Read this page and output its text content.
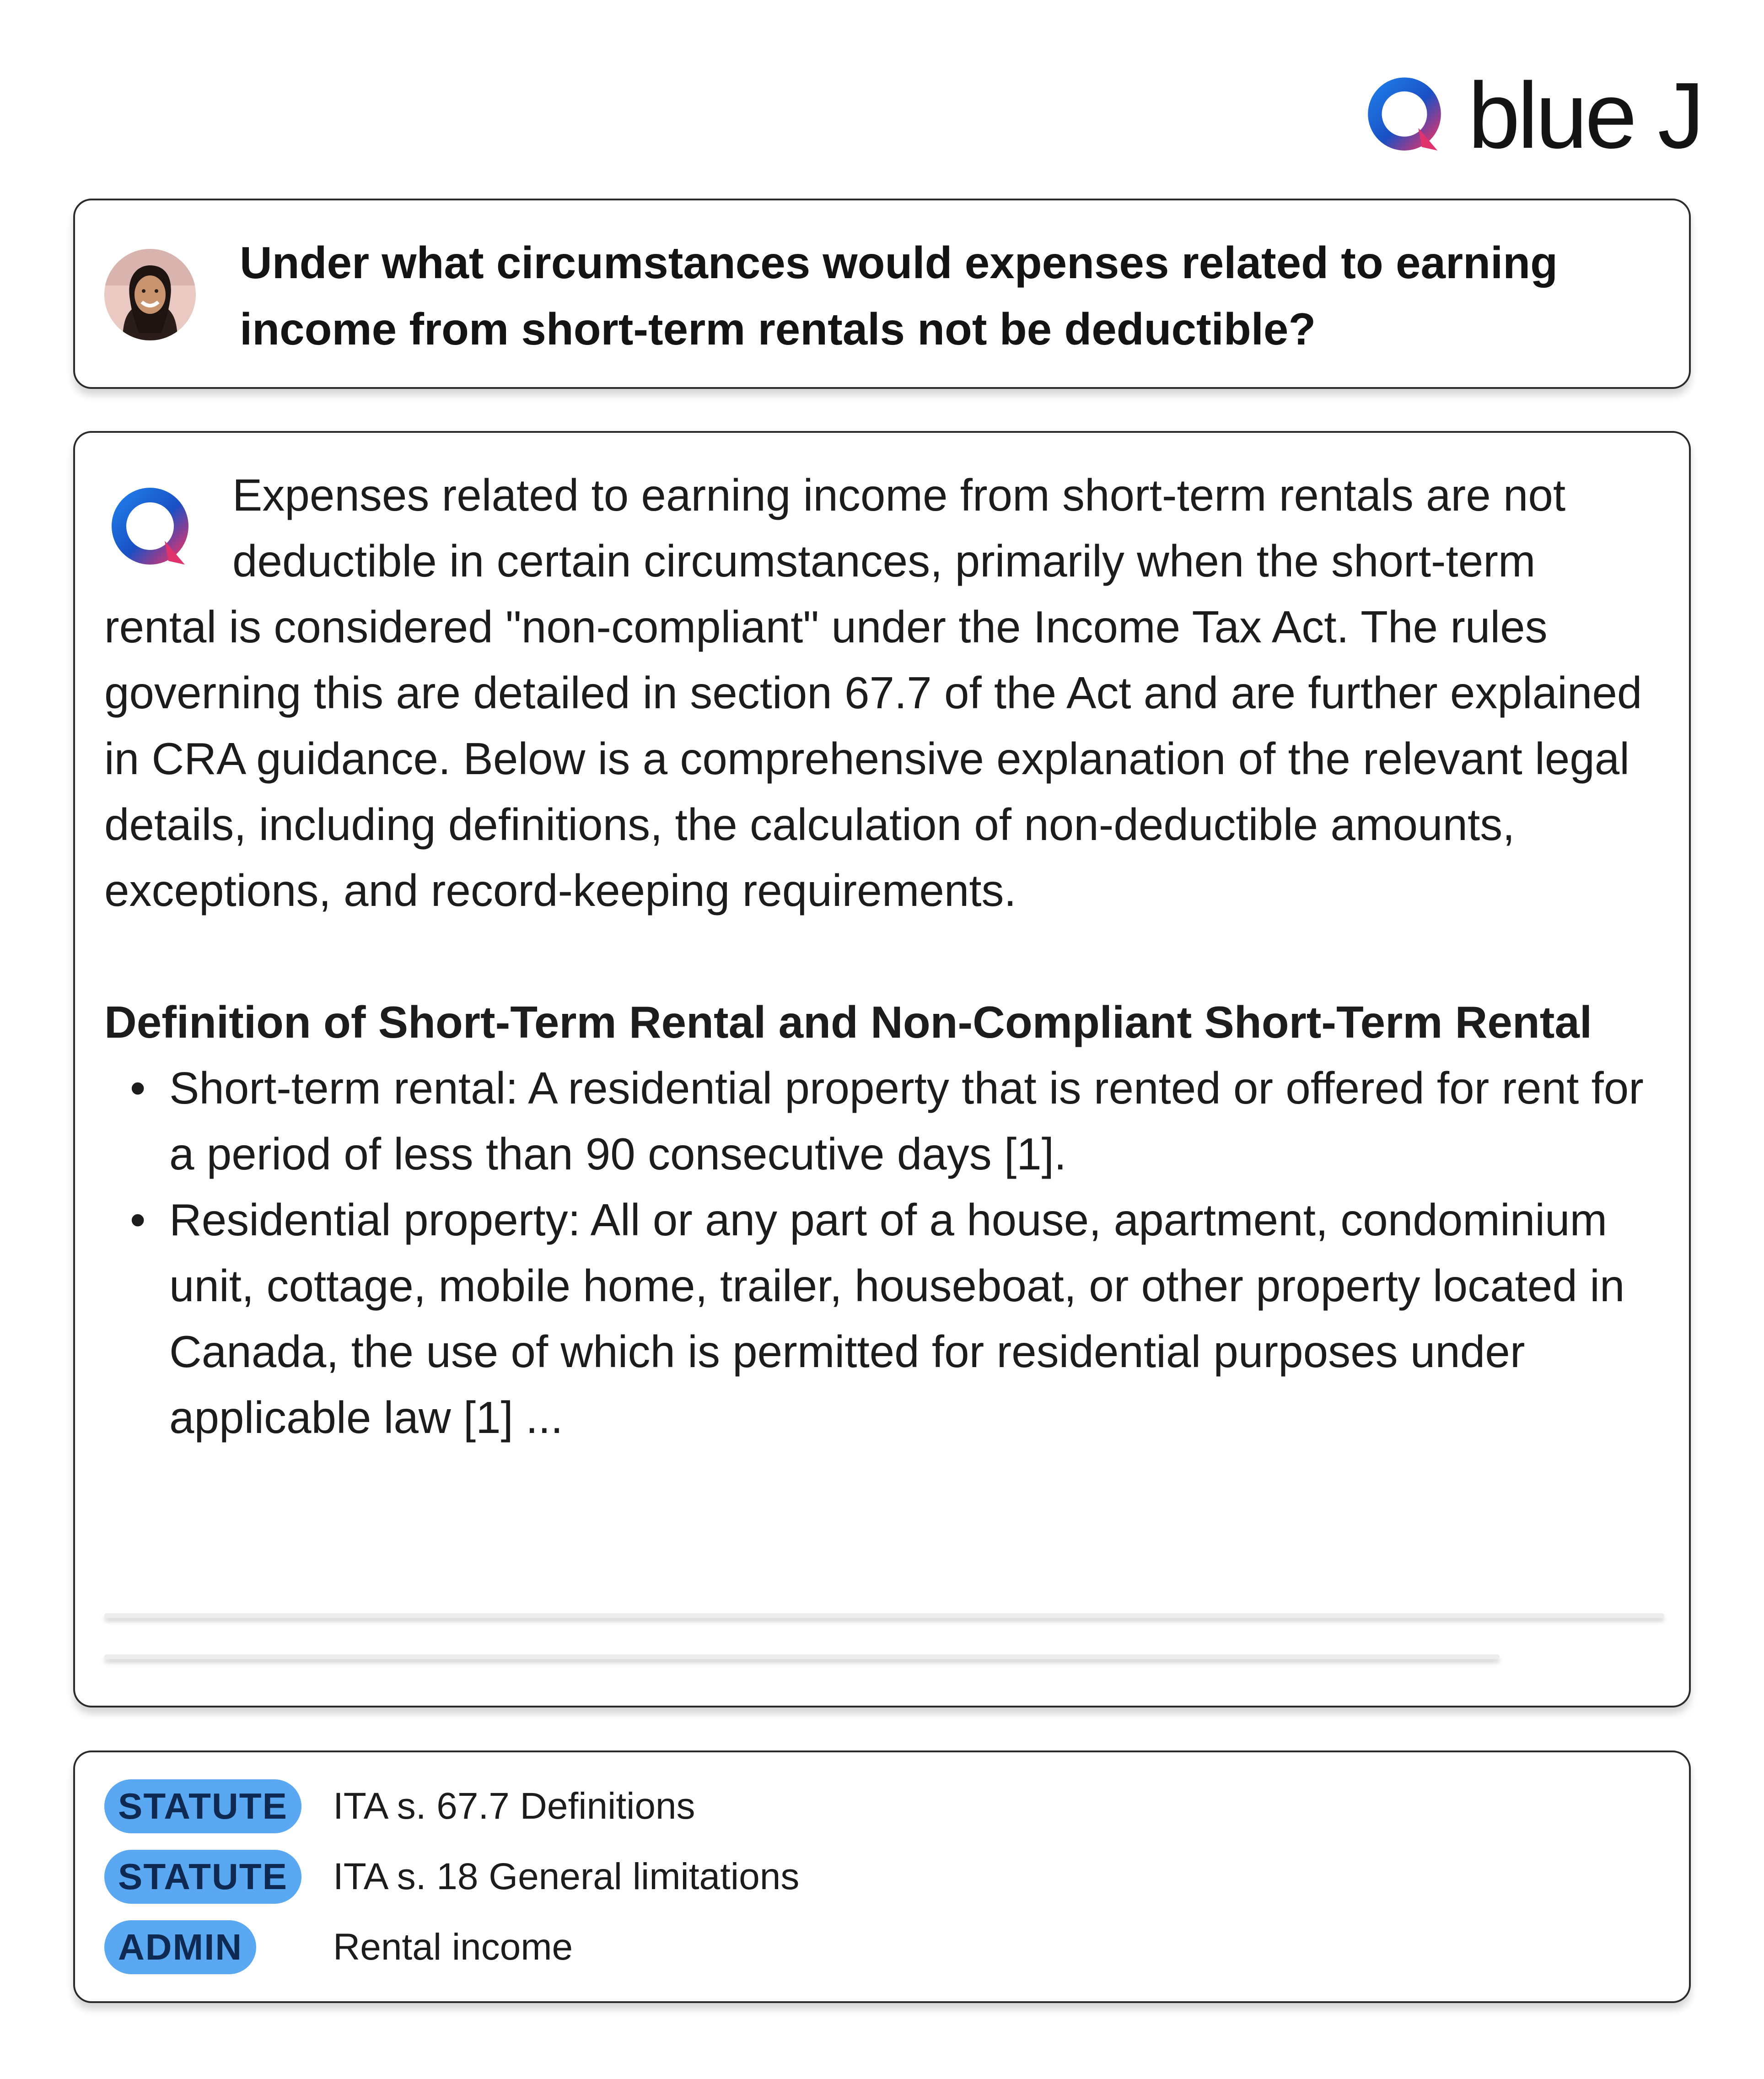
blue J

Under what circumstances would expenses related to earning income from short-term rentals not be deductible?

Expenses related to earning income from short-term rentals are not deductible in certain circumstances, primarily when the short-term rental is considered "non-compliant" under the Income Tax Act. The rules governing this are detailed in section 67.7 of the Act and are further explained in CRA guidance. Below is a comprehensive explanation of the relevant legal details, including definitions, the calculation of non-deductible amounts, exceptions, and record-keeping requirements.

Definition of Short-Term Rental and Non-Compliant Short-Term Rental

• Short-term rental: A residential property that is rented or offered for rent for a period of less than 90 consecutive days [1].
• Residential property: All or any part of a house, apartment, condominium unit, cottage, mobile home, trailer, houseboat, or other property located in Canada, the use of which is permitted for residential purposes under applicable law [1] ...
STATUTE	ITA s. 67.7 Definitions
STATUTE	ITA s. 18 General limitations
ADMIN	Rental income
